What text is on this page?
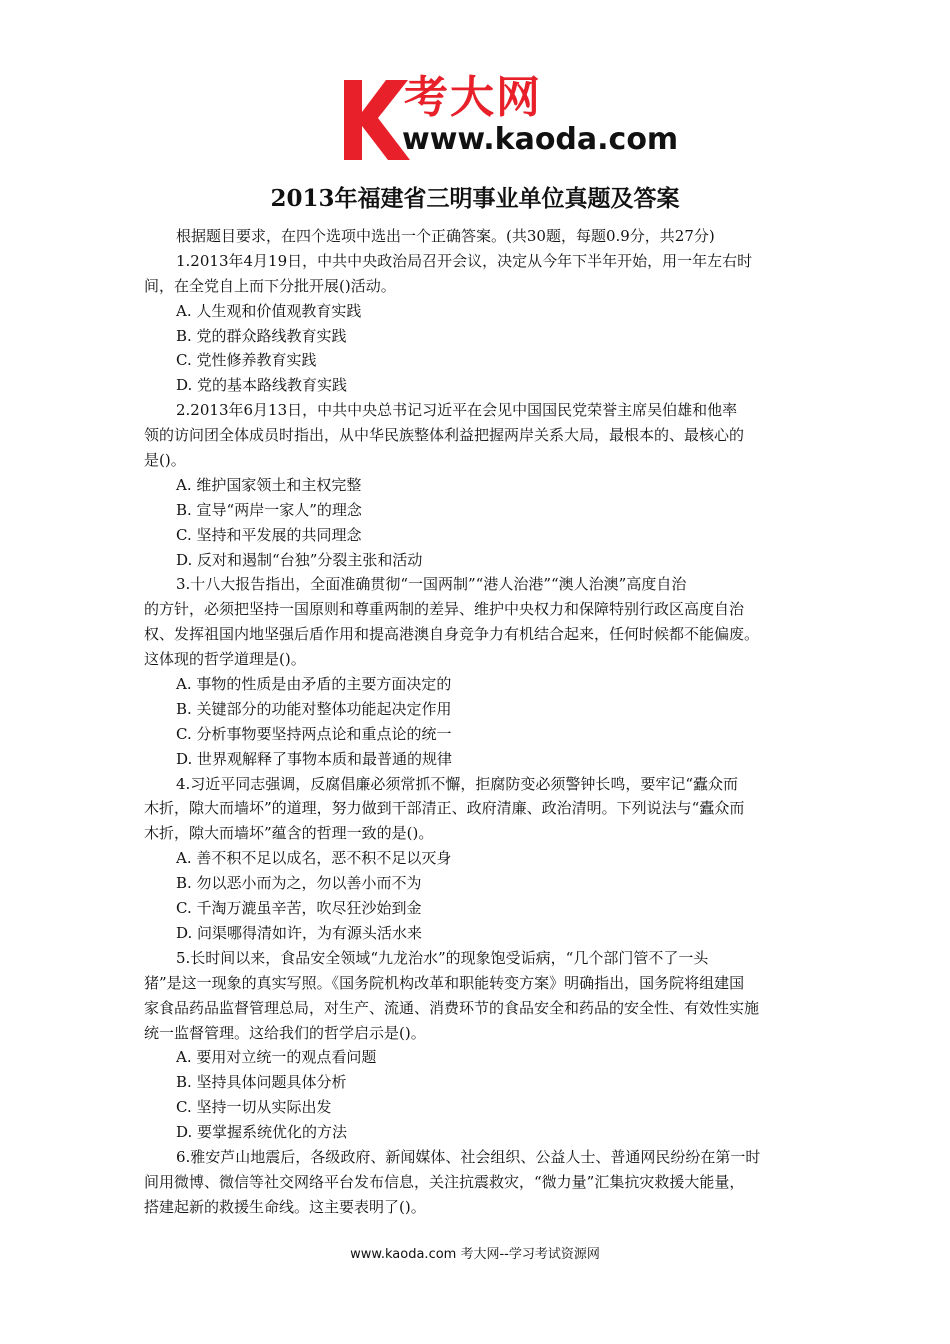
考大网
www.kaoda.com
2013年福建省三明事业单位真题及答案
根据题目要求，在四个选项中选出一个正确答案。(共30题，每题0.9分，共27分)
1.2013年4月19日，中共中央政治局召开会议，决定从今年下半年开始，用一年左右时
间，在全党自上而下分批开展()活动。
A. 人生观和价值观教育实践
B. 党的群众路线教育实践
C. 党性修养教育实践
D. 党的基本路线教育实践
2.2013年6月13日，中共中央总书记习近平在会见中国国民党荣誉主席吴伯雄和他率
领的访问团全体成员时指出，从中华民族整体利益把握两岸关系大局，最根本的、最核心的
是()。
A. 维护国家领土和主权完整
B. 宣导“两岸一家人”的理念
C. 坚持和平发展的共同理念
D. 反对和遏制“台独”分裂主张和活动
3.十八大报告指出，全面准确贯彻“一国两制”“港人治港”“澳人治澳”高度自治
的方针，必须把坚持一国原则和尊重两制的差异、维护中央权力和保障特别行政区高度自治
权、发挥祖国内地坚强后盾作用和提高港澳自身竞争力有机结合起来，任何时候都不能偏废。
这体现的哲学道理是()。
A. 事物的性质是由矛盾的主要方面决定的
B. 关键部分的功能对整体功能起决定作用
C. 分析事物要坚持两点论和重点论的统一
D. 世界观解释了事物本质和最普通的规律
4.习近平同志强调，反腐倡廉必须常抓不懈，拒腐防变必须警钟长鸣，要牢记“蠹众而
木折，隙大而墙坏”的道理，努力做到干部清正、政府清廉、政治清明。下列说法与“蠹众而
木折，隙大而墙坏”蕴含的哲理一致的是()。
A. 善不积不足以成名，恶不积不足以灭身
B. 勿以恶小而为之，勿以善小而不为
C. 千淘万漉虽辛苦，吹尽狂沙始到金
D. 问渠哪得清如许，为有源头活水来
5.长时间以来，食品安全领域“九龙治水”的现象饱受诟病，“几个部门管不了一头
猪”是这一现象的真实写照。《国务院机构改革和职能转变方案》明确指出，国务院将组建国
家食品药品监督管理总局，对生产、流通、消费环节的食品安全和药品的安全性、有效性实施
统一监督管理。这给我们的哲学启示是()。
A. 要用对立统一的观点看问题
B. 坚持具体问题具体分析
C. 坚持一切从实际出发
D. 要掌握系统优化的方法
6.雅安芦山地震后，各级政府、新闻媒体、社会组织、公益人士、普通网民纷纷在第一时
间用微博、微信等社交网络平台发布信息，关注抗震救灾，“微力量”汇集抗灾救援大能量，
搭建起新的救援生命线。这主要表明了()。
www.kaoda.com 考大网--学习考试资源网
